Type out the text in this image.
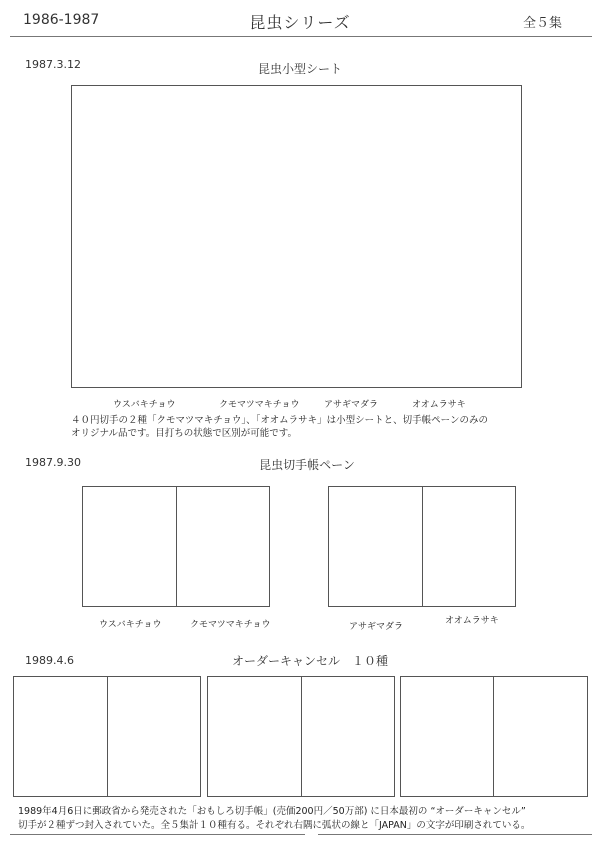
1986-1987	昆虫シリーズ	全５集
1987.3.12	昆虫小型シート
ウスバキチョウ	クモマツマキチョウ	アサギマダラ	オオムラサキ
４０円切手の２種「クモマツマキチョウ」、「オオムラサキ」は小型シートと、切手帳ペーンのみの
オリジナル品です。目打ちの状態で区別が可能です。
1987.9.30	昆虫切手帳ペーン
ウスバキチョウ	クモマツマキチョウ	アサギマダラ
オオムラサキ
1989.4.6	オーダーキャンセル　１０種
1989年4月6日に郵政省から発売された「おもしろ切手帳」(売価200円／50万部) に日本最初の “オーダーキャンセル”
切手が２種ずつ封入されていた。全５集計１０種有る。それぞれ右隅に弧状の線と「JAPAN」の文字が印刷されている。
